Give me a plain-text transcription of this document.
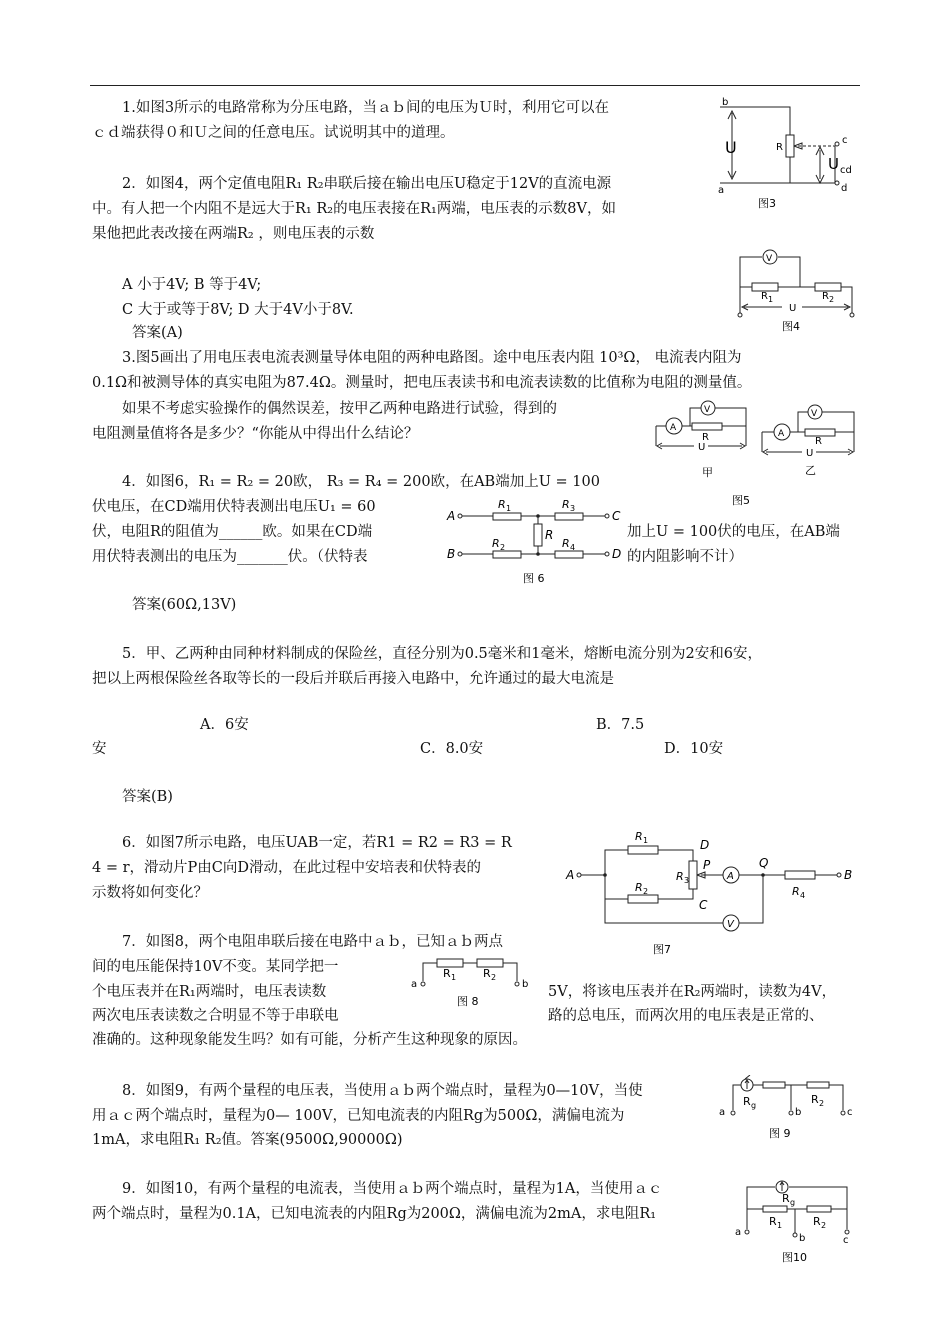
1.如图3所示的电路常称为分压电路，当ａｂ间的电压为Ｕ时，利用它可以在
ｃｄ端获得０和Ｕ之间的任意电压。试说明其中的道理。
2．如图4，两个定值电阻R₁ R₂串联后接在输出电压U稳定于12V的直流电源
中。有人把一个内阻不是远大于R₁ R₂的电压表接在R₁两端，电压表的示数8V，如
果他把此表改接在两端R₂ ，则电压表的示数
A 小于4V; B 等于4V;
C 大于或等于8V; D 大于4V小于8V.
答案(A)
3.图5画出了用电压表电流表测量导体电阻的两种电路图。途中电压表内阻 10³Ω， 电流表内阻为
0.1Ω和被测导体的真实电阻为87.4Ω。测量时，把电压表读书和电流表读数的比值称为电阻的测量值。
如果不考虑实验操作的偶然误差，按甲乙两种电路进行试验，得到的
电阻测量值将各是多少？“你能从中得出什么结论？
4．如图6，R₁ = R₂ = 20欧， R₃ = R₄ = 200欧，在AB端加上U = 100
伏电压，在CD端用伏特表测出电压U₁ = 60
伏，电阻R的阻值为______欧。如果在CD端
用伏特表测出的电压为_______伏。（伏特表
加上U = 100伏的电压，在AB端
的内阻影响不计）
答案(60Ω,13V)
5．甲、乙两种由同种材料制成的保险丝，直径分别为0.5毫米和1毫米，熔断电流分别为2安和6安，
把以上两根保险丝各取等长的一段后并联后再接入电路中，允许通过的最大电流是
A．6安	B．7.5
安	C．8.0安	D．10安
答案(B)
6．如图7所示电路，电压UAB一定，若R1 = R2 = R3 = R
4 = r，滑动片P由C向D滑动，在此过程中安培表和伏特表的
示数将如何变化？
7．如图8，两个电阻串联后接在电路中ａｂ，已知ａｂ两点
间的电压能保持10V不变。某同学把一
个电压表并在R₁两端时，电压表读数
两次电压表读数之合明显不等于串联电
准确的。这种现象能发生吗？如有可能，分析产生这种现象的原因。
5V，将该电压表并在R₂两端时，读数为4V，
路的总电压，而两次用的电压表是正常的、
8．如图9，有两个量程的电压表，当使用ａｂ两个端点时，量程为0—10V，当使
用ａｃ两个端点时，量程为0— 100V，已知电流表的内阻Rg为500Ω，满偏电流为
1mA，求电阻R₁ R₂值。答案(9500Ω,90000Ω)
9．如图10，有两个量程的电流表，当使用ａｂ两个端点时，量程为1A，当使用ａｃ
两个端点时，量程为0.1A，已知电流表的内阻Rg为200Ω，满偏电流为2mA，求电阻R₁
b
a
c
d
U	R
U cd
图3
V
R 1	R 2
U
图4
A
V
R
U
A
V
R
U
甲	乙
图5
A
B
C
D
R
R 1	R 3
R 2	R 4
图 6
A	B
D
C
P	Q
A
V
R 1
R 2
R 3
R 4
图7
a	b
R 1 R 2
图 8
a	b	c
R g	R 2
图 9
a
b	c
R g
R 1	R 2
图10
